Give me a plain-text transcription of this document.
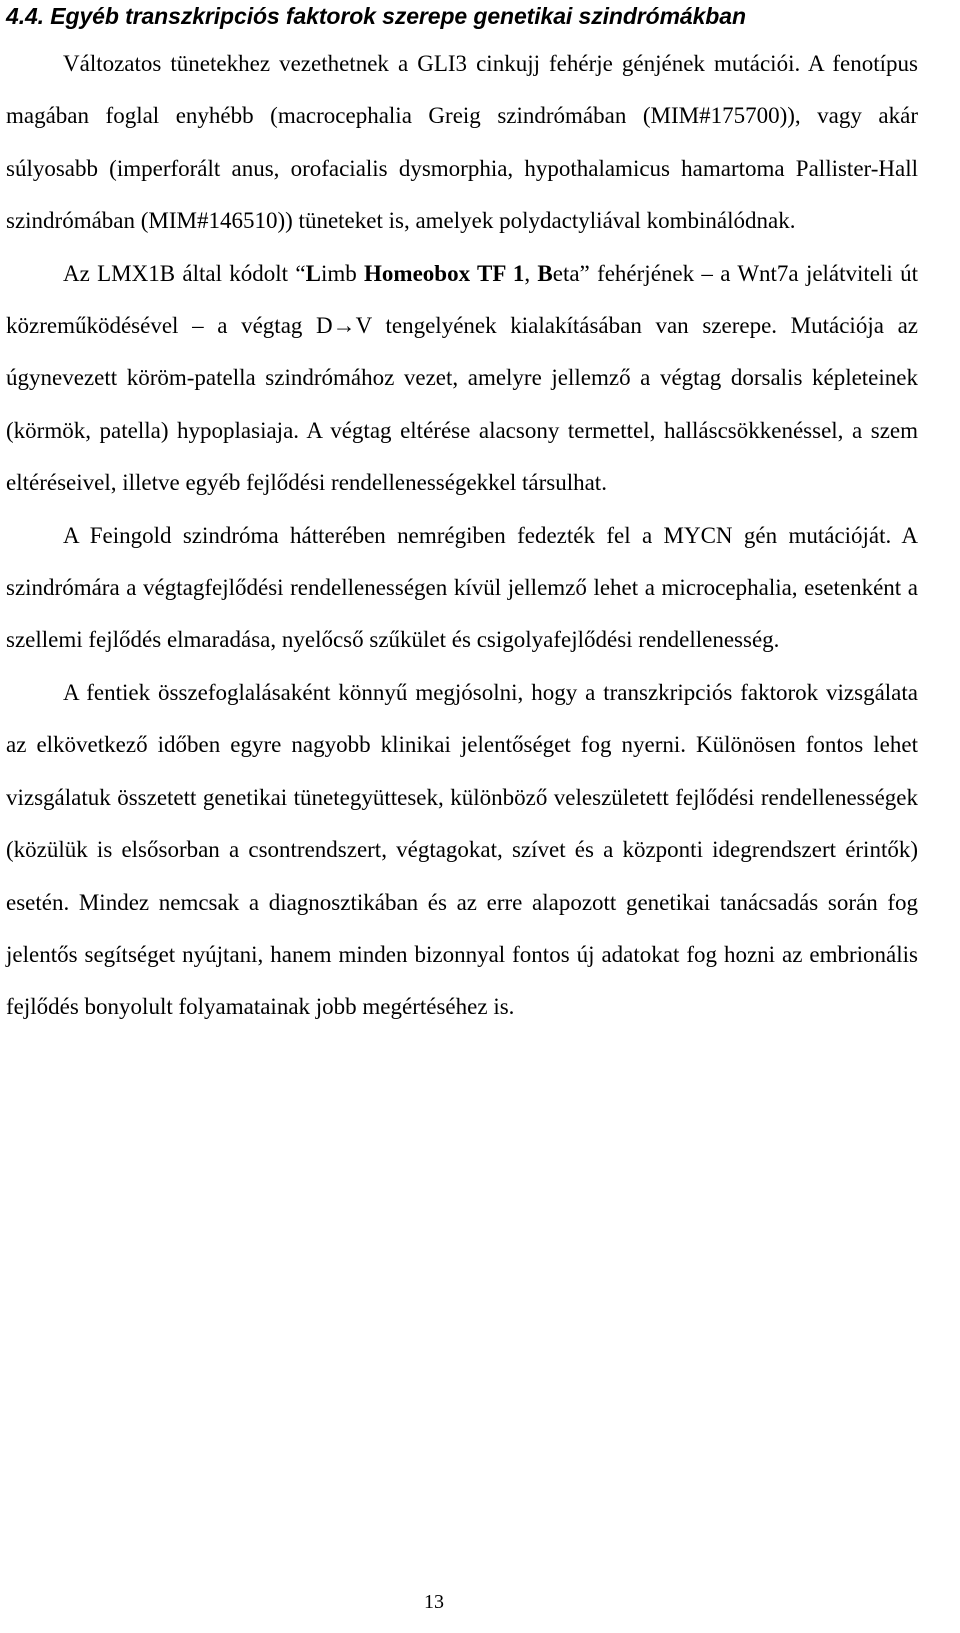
4.4. Egyéb transzkripciós faktorok szerepe genetikai szindrómákban

Változatos tünetekhez vezethetnek a GLI3 cinkujj fehérje génjének mutációi. A fenotípus magában foglal enyhébb (macrocephalia Greig szindrómában (MIM#175700)), vagy akár súlyosabb (imperforált anus, orofacialis dysmorphia, hypothalamicus hamartoma Pallister-Hall szindrómában (MIM#146510)) tüneteket is, amelyek polydactyliával kombinálódnak.

Az LMX1B által kódolt “Limb Homeobox TF 1, Beta” fehérjének – a Wnt7a jelátviteli út közreműködésével – a végtag D→V tengelyének kialakításában van szerepe. Mutációja az úgynevezett köröm-patella szindrómához vezet, amelyre jellemző a végtag dorsalis képleteinek (körmök, patella) hypoplasiaja. A végtag eltérése alacsony termettel, halláscsökkenéssel, a szem eltéréseivel, illetve egyéb fejlődési rendellenességekkel társulhat.

A Feingold szindróma hátterében nemrégiben fedezték fel a MYCN gén mutációját. A szindrómára a végtagfejlődési rendellenességen kívül jellemző lehet a microcephalia, esetenként a szellemi fejlődés elmaradása, nyelőcső szűkület és csigolyafejlődési rendellenesség.

A fentiek összefoglalásaként könnyű megjósolni, hogy a transzkripciós faktorok vizsgálata az elkövetkező időben egyre nagyobb klinikai jelentőséget fog nyerni. Különösen fontos lehet vizsgálatuk összetett genetikai tünetegyüttesek, különböző veleszületett fejlődési rendellenességek (közülük is elsősorban a csontrendszert, végtagokat, szívet és a központi idegrendszert érintők) esetén. Mindez nemcsak a diagnosztikában és az erre alapozott genetikai tanácsadás során fog jelentős segítséget nyújtani, hanem minden bizonnyal fontos új adatokat fog hozni az embrionális fejlődés bonyolult folyamatainak jobb megértéséhez is.

13
